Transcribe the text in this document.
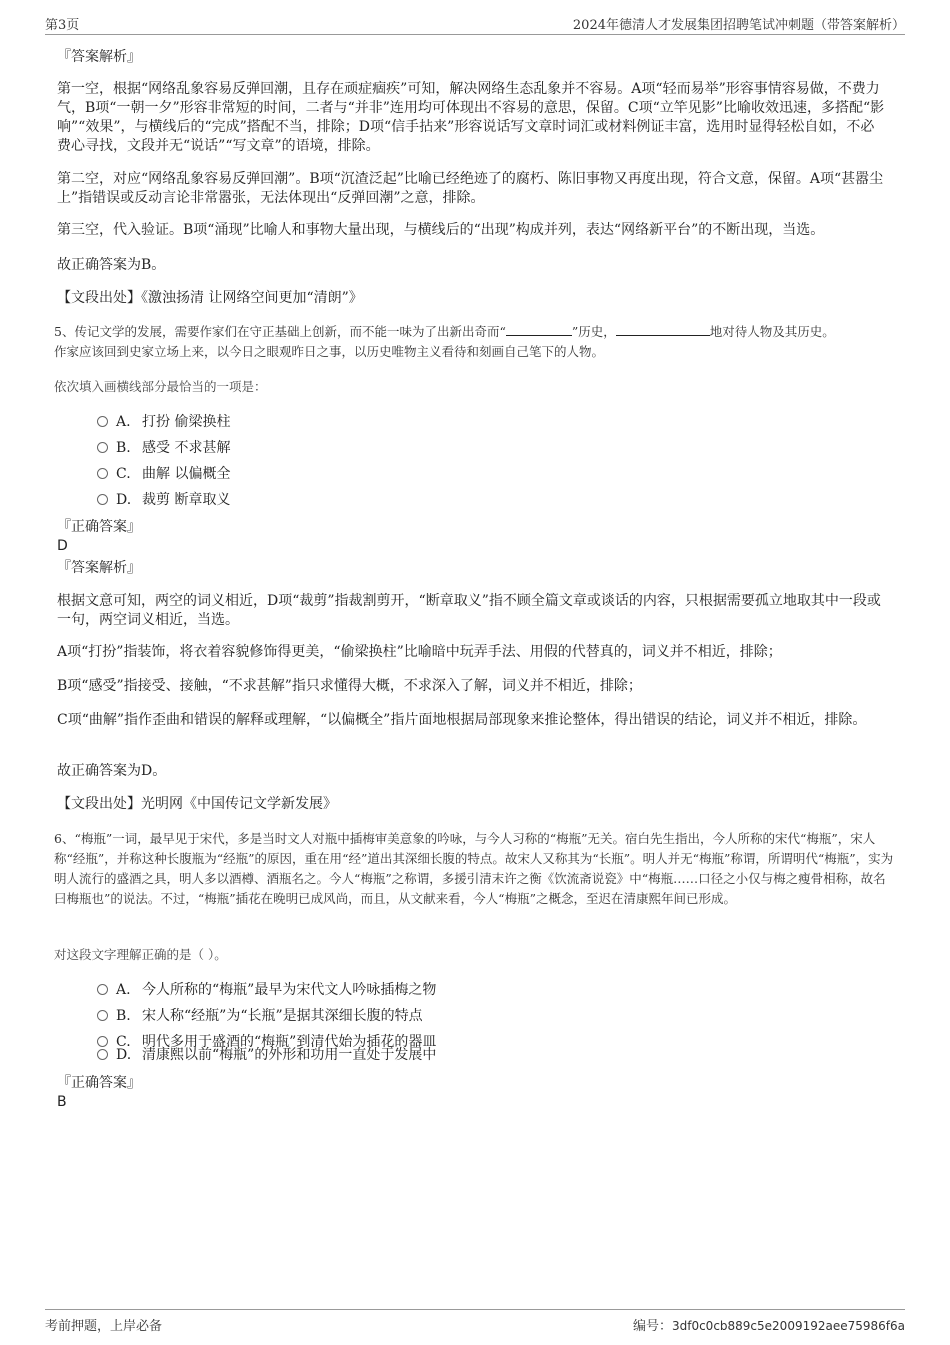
第3页	2024年德清人才发展集团招聘笔试冲刺题（带答案解析）
『答案解析』

第一空，根据“网络乱象容易反弹回潮，且存在顽症痼疾”可知，解决网络生态乱象并不容易。A项“轻而易举”形容事情容易做，不费力气，B项“一朝一夕”形容非常短的时间，二者与“并非”连用均可体现出不容易的意思，保留。C项“立竿见影”比喻收效迅速，多搭配“影响”“效果”，与横线后的“完成”搭配不当，排除；D项“信手拈来”形容说话写文章时词汇或材料例证丰富，选用时显得轻松自如，不必费心寻找，文段并无“说话”“写文章”的语境，排除。

第二空，对应“网络乱象容易反弹回潮”。B项“沉渣泛起”比喻已经绝迹了的腐朽、陈旧事物又再度出现，符合文意，保留。A项“甚嚣尘上”指错误或反动言论非常嚣张，无法体现出“反弹回潮”之意，排除。

第三空，代入验证。B项“涌现”比喻人和事物大量出现，与横线后的“出现”构成并列，表达“网络新平台”的不断出现，当选。

故正确答案为B。

【文段出处】《激浊扬清 让网络空间更加“清朗”》

5、传记文学的发展，需要作家们在守正基础上创新，而不能一味为了出新出奇而“	”历史，	地对待人物及其历史。
作家应该回到史家立场上来，以今日之眼观昨日之事，以历史唯物主义看待和刻画自己笔下的人物。

依次填入画横线部分最恰当的一项是：
A. 打扮 偷梁换柱
B. 感受 不求甚解
C. 曲解 以偏概全
D. 裁剪 断章取义
『正确答案』
D
『答案解析』

根据文意可知，两空的词义相近，D项“裁剪”指裁割剪开，“断章取义”指不顾全篇文章或谈话的内容，只根据需要孤立地取其中一段或一句，两空词义相近，当选。

A项“打扮”指装饰，将衣着容貌修饰得更美，“偷梁换柱”比喻暗中玩弄手法、用假的代替真的，词义并不相近，排除；

B项“感受”指接受、接触，“不求甚解”指只求懂得大概，不求深入了解，词义并不相近，排除；

C项“曲解”指作歪曲和错误的解释或理解，“以偏概全”指片面地根据局部现象来推论整体，得出错误的结论，词义并不相近，排除。

故正确答案为D。

【文段出处】光明网《中国传记文学新发展》

6、“梅瓶”一词，最早见于宋代，多是当时文人对瓶中插梅审美意象的吟咏，与今人习称的“梅瓶”无关。宿白先生指出，今人所称的宋代“梅瓶”，宋人称“经瓶”，并称这种长腹瓶为“经瓶”的原因，重在用“经”道出其深细长腹的特点。故宋人又称其为“长瓶”。明人并无“梅瓶”称谓，所谓明代“梅瓶”，实为明人流行的盛酒之具，明人多以酒樽、酒瓶名之。今人“梅瓶”之称谓，多援引清末许之衡《饮流斋说瓷》中“梅瓶……口径之小仅与梅之瘦骨相称，故名曰梅瓶也”的说法。不过，“梅瓶”插花在晚明已成风尚，而且，从文献来看，今人“梅瓶”之概念，至迟在清康熙年间已形成。

对这段文字理解正确的是（ ）。
A. 今人所称的“梅瓶”最早为宋代文人吟咏插梅之物
B. 宋人称“经瓶”为“长瓶”是据其深细长腹的特点
C. 明代多用于盛酒的“梅瓶”到清代始为插花的器皿
D. 清康熙以前“梅瓶”的外形和功用一直处于发展中
『正确答案』
B
考前押题，上岸必备	编号：3df0c0cb889c5e2009192aee75986f6a
